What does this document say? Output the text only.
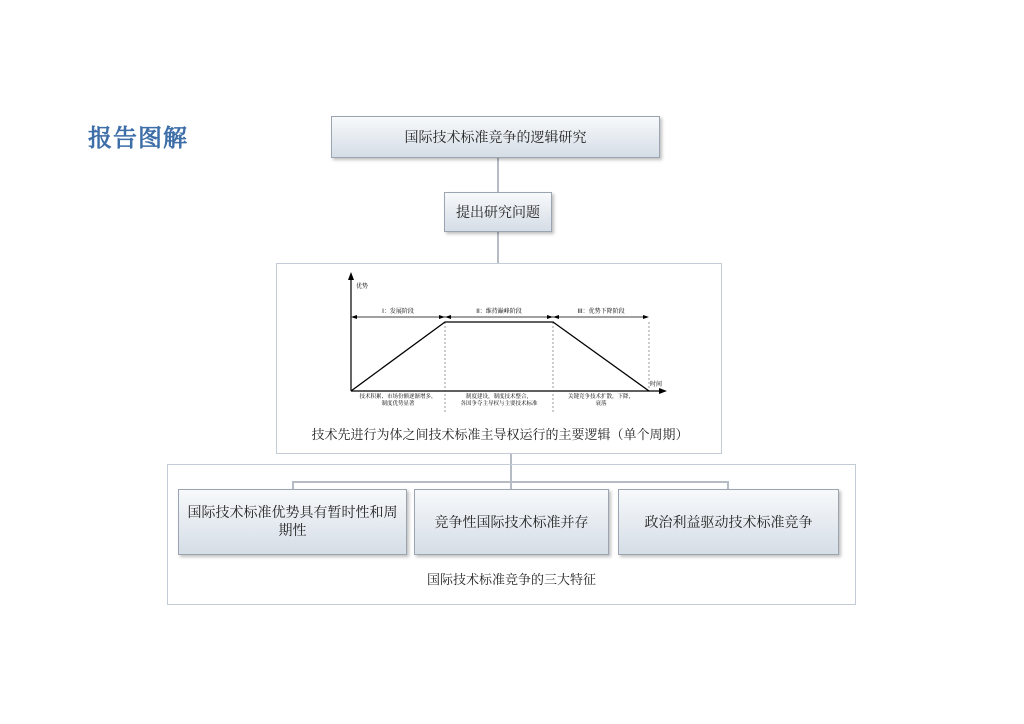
报告图解	国际技术标准竞争的逻辑研究
提出研究问题
优势
时间
I：发展阶段	II：维持巅峰阶段	III：优势下降阶段
技术积累、市场份额逐渐增多，
制度优势显著
制度建设，制度技术整合，
各国争夺主导权与主要技术标准
关键竞争技术扩散，下降，
衰落
技术先进行为体之间技术标准主导权运行的主要逻辑（单个周期）
国际技术标准优势具有暂时性和周期性	竞争性国际技术标准并存	政治利益驱动技术标准竞争
国际技术标准竞争的三大特征
